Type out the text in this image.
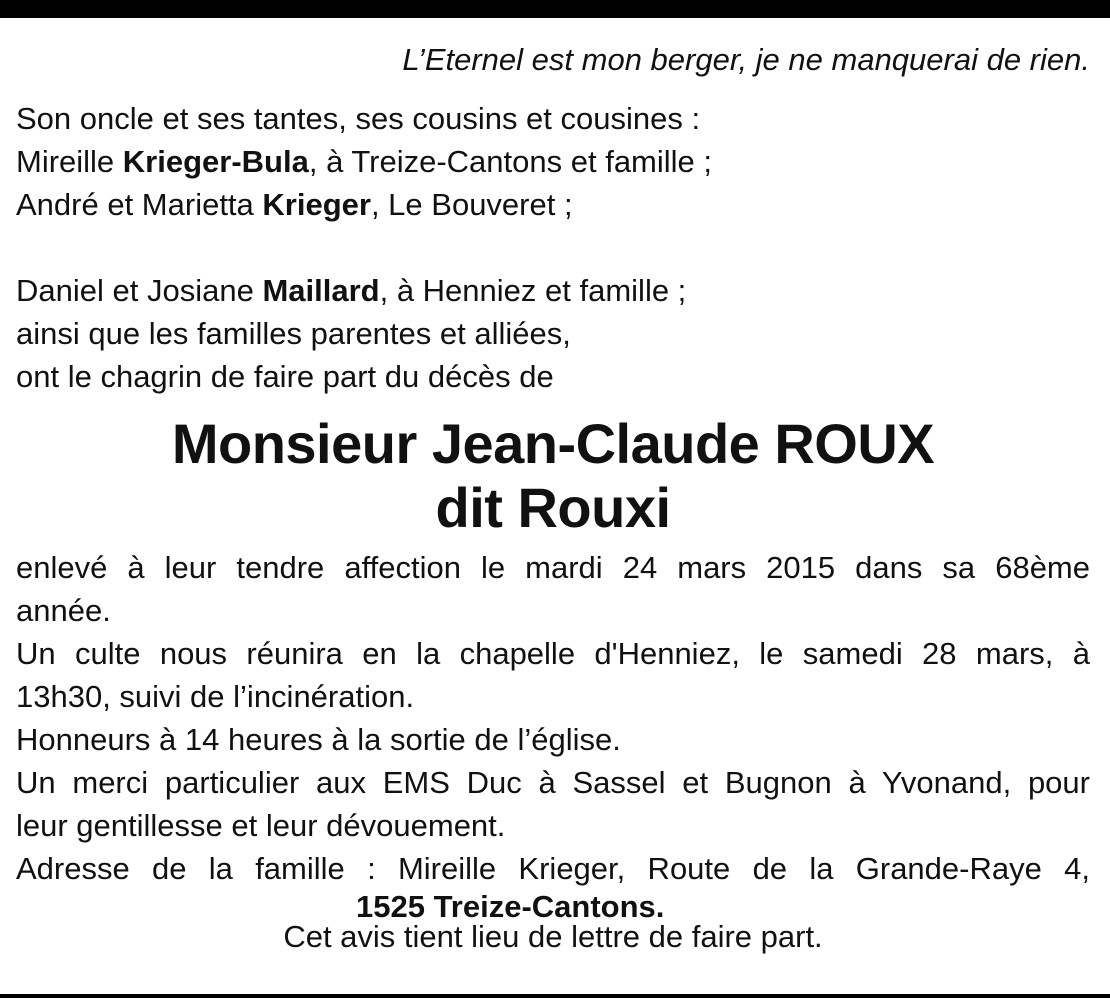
L’Eternel est mon berger, je ne manquerai de rien.

Son oncle et ses tantes, ses cousins et cousines :

Mireille Krieger-Bula, à Treize-Cantons et famille ;

André et Marietta Krieger, Le Bouveret ;

Daniel et Josiane Maillard, à Henniez et famille ;

ainsi que les familles parentes et alliées,

ont le chagrin de faire part du décès de

Monsieur Jean-Claude ROUX
dit Rouxi

enlevé à leur tendre affection le mardi 24 mars 2015 dans sa 68ème

année.

Un culte nous réunira en la chapelle d'Henniez, le samedi 28 mars, à

13h30, suivi de l’incinération.

Honneurs à 14 heures à la sortie de l’église.

Un merci particulier aux EMS Duc à Sassel et Bugnon à Yvonand, pour

leur gentillesse et leur dévouement.

Adresse de la famille : Mireille Krieger, Route de la Grande-Raye 4,

1525 Treize-Cantons.

Cet avis tient lieu de lettre de faire part.
